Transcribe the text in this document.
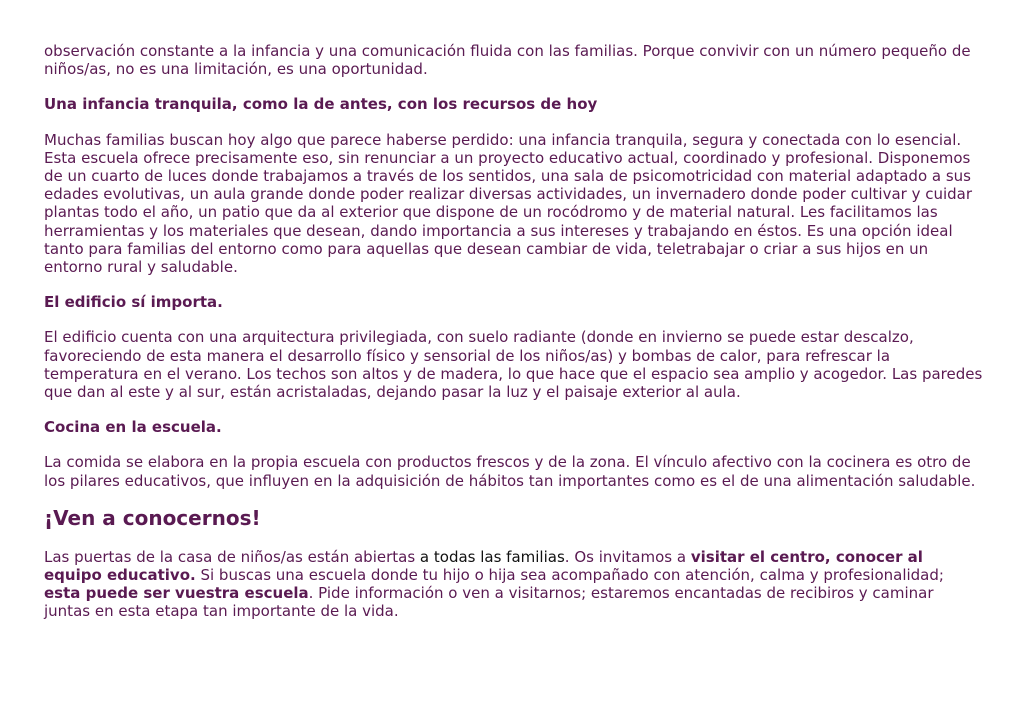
observación constante a la infancia y una comunicación fluida con las familias. Porque convivir con un número pequeño de niños/as, no es una limitación, es una oportunidad.

Una infancia tranquila, como la de antes, con los recursos de hoy

Muchas familias buscan hoy algo que parece haberse perdido: una infancia tranquila, segura y conectada con lo esencial. Esta escuela ofrece precisamente eso, sin renunciar a un proyecto educativo actual, coordinado y profesional. Disponemos de un cuarto de luces donde trabajamos a través de los sentidos, una sala de psicomotricidad con material adaptado a sus edades evolutivas, un aula grande donde poder realizar diversas actividades, un invernadero donde poder cultivar y cuidar plantas todo el año, un patio que da al exterior que dispone de un rocódromo y de material natural. Les facilitamos las herramientas y los materiales que desean, dando importancia a sus intereses y trabajando en éstos. Es una opción ideal tanto para familias del entorno como para aquellas que desean cambiar de vida, teletrabajar o criar a sus hijos en un entorno rural y saludable.

El edificio sí importa.

El edificio cuenta con una arquitectura privilegiada, con suelo radiante (donde en invierno se puede estar descalzo, favoreciendo de esta manera el desarrollo físico y sensorial de los niños/as) y bombas de calor, para refrescar la temperatura en el verano. Los techos son altos y de madera, lo que hace que el espacio sea amplio y acogedor. Las paredes que dan al este y al sur, están acristaladas, dejando pasar la luz y el paisaje exterior al aula.

Cocina en la escuela.

La comida se elabora en la propia escuela con productos frescos y de la zona. El vínculo afectivo con la cocinera es otro de los pilares educativos, que influyen en la adquisición de hábitos tan importantes como es el de una alimentación saludable.

¡Ven a conocernos!

Las puertas de la casa de niños/as están abiertas a todas las familias. Os invitamos a visitar el centro, conocer al equipo educativo. Si buscas una escuela donde tu hijo o hija sea acompañado con atención, calma y profesionalidad; esta puede ser vuestra escuela. Pide información o ven a visitarnos; estaremos encantadas de recibiros y caminar juntas en esta etapa tan importante de la vida.
